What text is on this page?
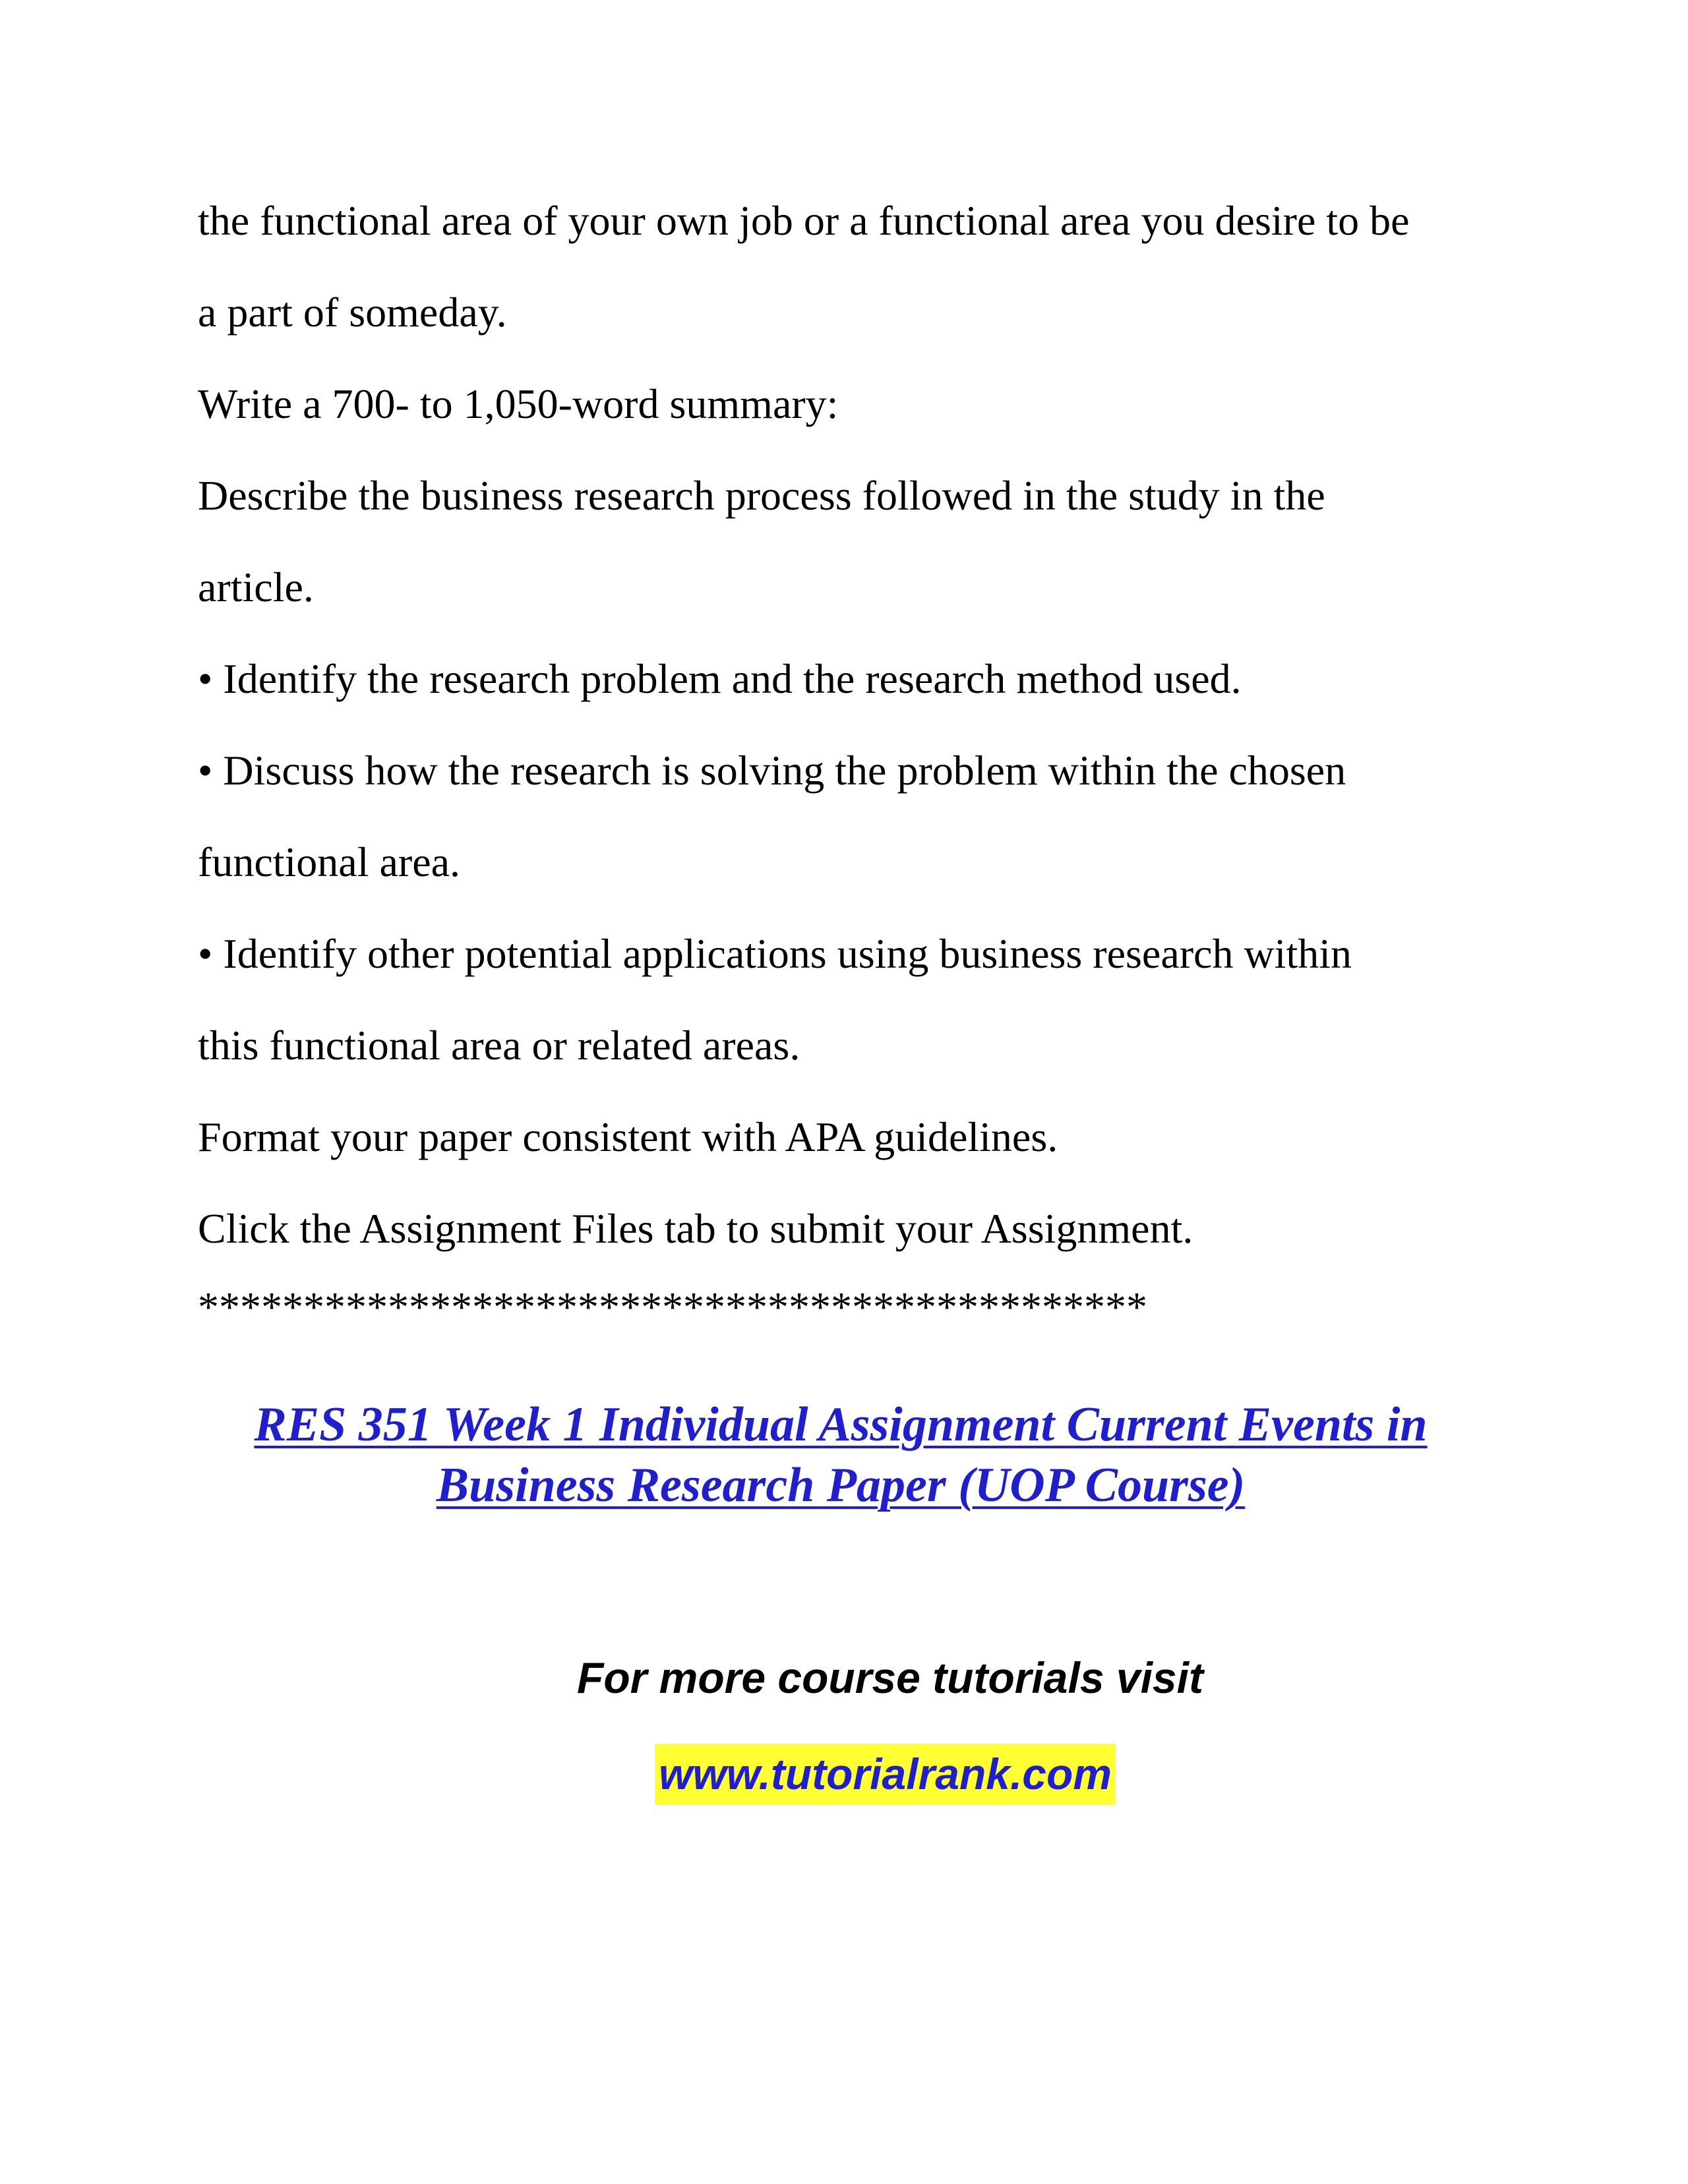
the functional area of your own job or a functional area you desire to be
a part of someday.
Write a 700- to 1,050-word summary:
Describe the business research process followed in the study in the
article.
• Identify the research problem and the research method used.
• Discuss how the research is solving the problem within the chosen
functional area.
• Identify other potential applications using business research within
this functional area or related areas.
Format your paper consistent with APA guidelines.
Click the Assignment Files tab to submit your Assignment.
*********************************************
RES 351 Week 1 Individual Assignment Current Events in
Business Research Paper (UOP Course)
For more course tutorials visit
www.tutorialrank.com
